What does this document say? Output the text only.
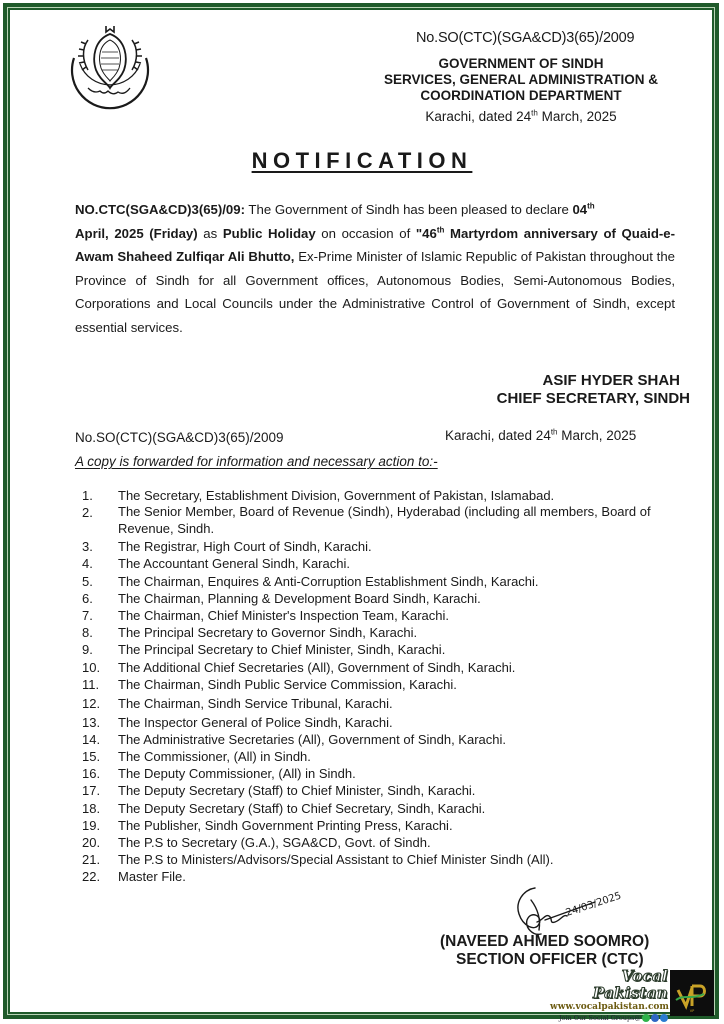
No.SO(CTC)(SGA&CD)3(65)/2009
GOVERNMENT OF SINDH
SERVICES, GENERAL ADMINISTRATION &
COORDINATION DEPARTMENT
Karachi, dated 24th March, 2025
NOTIFICATION
NO.CTC(SGA&CD)3(65)/09: The Government of Sindh has been pleased to declare 04th
April, 2025 (Friday) as Public Holiday on occasion of "46th Martyrdom anniversary of Quaid-e-Awam Shaheed Zulfiqar Ali Bhutto, Ex-Prime Minister of Islamic Republic of Pakistan throughout the Province of Sindh for all Government offices, Autonomous Bodies, Semi-Autonomous Bodies, Corporations and Local Councils under the Administrative Control of Government of Sindh, except essential services.
ASIF HYDER SHAH
CHIEF SECRETARY, SINDH
No.SO(CTC)(SGA&CD)3(65)/2009	Karachi, dated 24th March, 2025
A copy is forwarded for information and necessary action to:-
1.	The Secretary, Establishment Division, Government of Pakistan, Islamabad.
2.	The Senior Member, Board of Revenue (Sindh), Hyderabad (including all members, Board of Revenue, Sindh.
3.	The Registrar, High Court of Sindh, Karachi.
4.	The Accountant General Sindh, Karachi.
5.	The Chairman, Enquires & Anti-Corruption Establishment Sindh, Karachi.
6.	The Chairman, Planning & Development Board Sindh, Karachi.
7.	The Chairman, Chief Minister's Inspection Team, Karachi.
8.	The Principal Secretary to Governor Sindh, Karachi.
9.	The Principal Secretary to Chief Minister, Sindh, Karachi.
10.	The Additional Chief Secretaries (All), Government of Sindh, Karachi.
11.	The Chairman, Sindh Public Service Commission, Karachi.
12.	The Chairman, Sindh Service Tribunal, Karachi.
13.	The Inspector General of Police Sindh, Karachi.
14.	The Administrative Secretaries (All), Government of Sindh, Karachi.
15.	The Commissioner, (All) in Sindh.
16.	The Deputy Commissioner, (All) in Sindh.
17.	The Deputy Secretary (Staff) to Chief Minister, Sindh, Karachi.
18.	The Deputy Secretary (Staff) to Chief Secretary, Sindh, Karachi.
19.	The Publisher, Sindh Government Printing Press, Karachi.
20.	The P.S to Secretary (G.A.), SGA&CD, Govt. of Sindh.
21.	The P.S to Ministers/Advisors/Special Assistant to Chief Minister Sindh (All).
22.	Master File.
24/03/2025
(NAVEED AHMED SOOMRO)
SECTION OFFICER (CTC)
Vocal Pakistan
www.vocalpakistan.com
Join Our Social Groups@
VP
